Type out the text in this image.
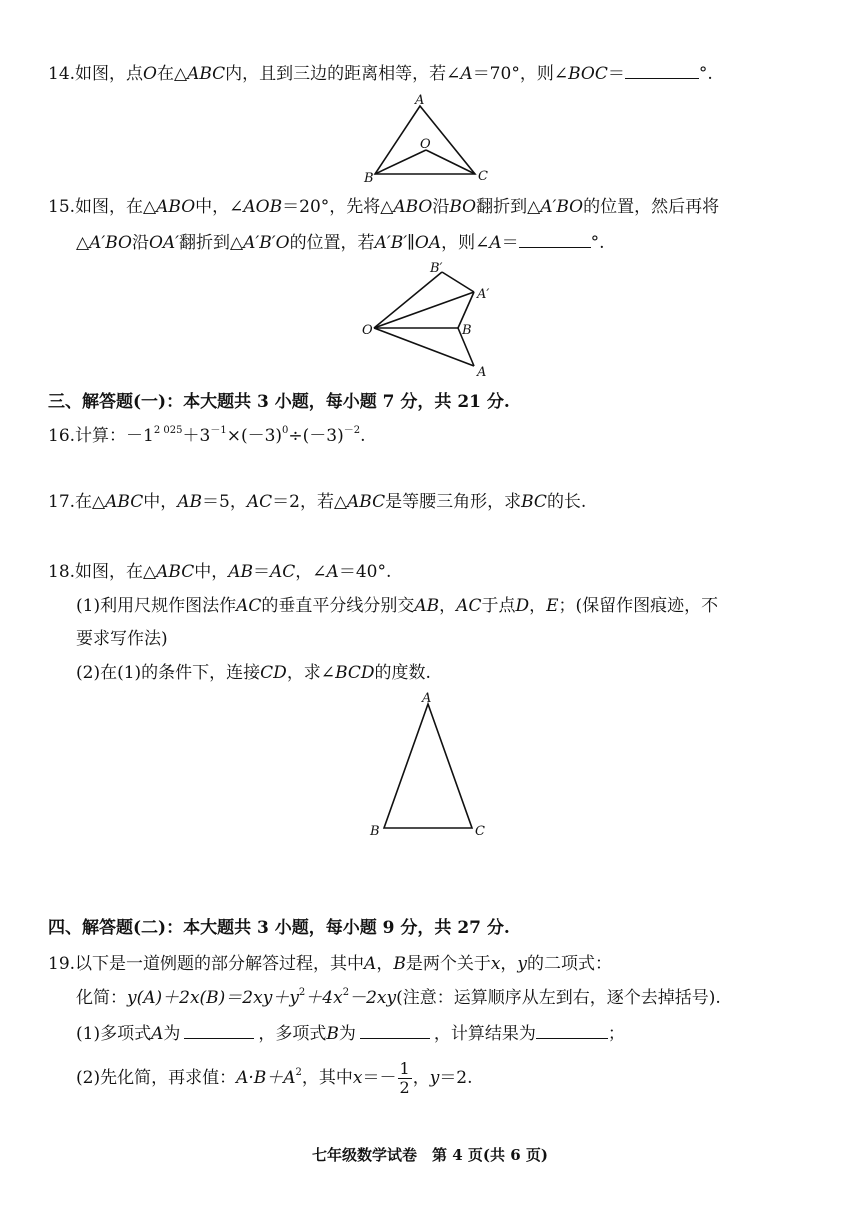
14.如图，点O在△ABC内，且到三边的距离相等，若∠A＝70°，则∠BOC＝	°.
A
O
B	C
15.如图，在△ABO中，∠AOB＝20°，先将△ABO沿BO翻折到△A′BO的位置，然后再将
△A′BO沿OA′翻折到△A′B′O的位置，若A′B′∥OA，则∠A＝	°.
B′
A′
O	B
A
三、解答题(一)：本大题共 3 小题，每小题 7 分，共 21 分.
16.计算：$-1^{2 025}+3^{-1}\times(-3)^0\div(-3)^{-2}$.
17.在△ABC中，AB＝5，AC＝2，若△ABC是等腰三角形，求BC的长.
18.如图，在△ABC中，AB＝AC，∠A＝40°.
(1)利用尺规作图法作AC的垂直平分线分别交AB，AC于点D，E；(保留作图痕迹，不
要求写作法)
(2)在(1)的条件下，连接CD，求∠BCD的度数.
A
B	C
四、解答题(二)：本大题共 3 小题，每小题 9 分，共 27 分.
19.以下是一道例题的部分解答过程，其中A，B是两个关于x，y的二项式：
化简：$y(A)+2x(B)=2xy+y^2+4x^2-2xy$(注意：运算顺序从左到右，逐个去掉括号).
(1)多项式A为	，多项式B为	，计算结果为	；
(2)先化简，再求值：$A\cdot B+A^2$，其中$x=- \frac{1}{2}$ ，y＝2.
七年级数学试卷　第 4 页(共 6 页)
